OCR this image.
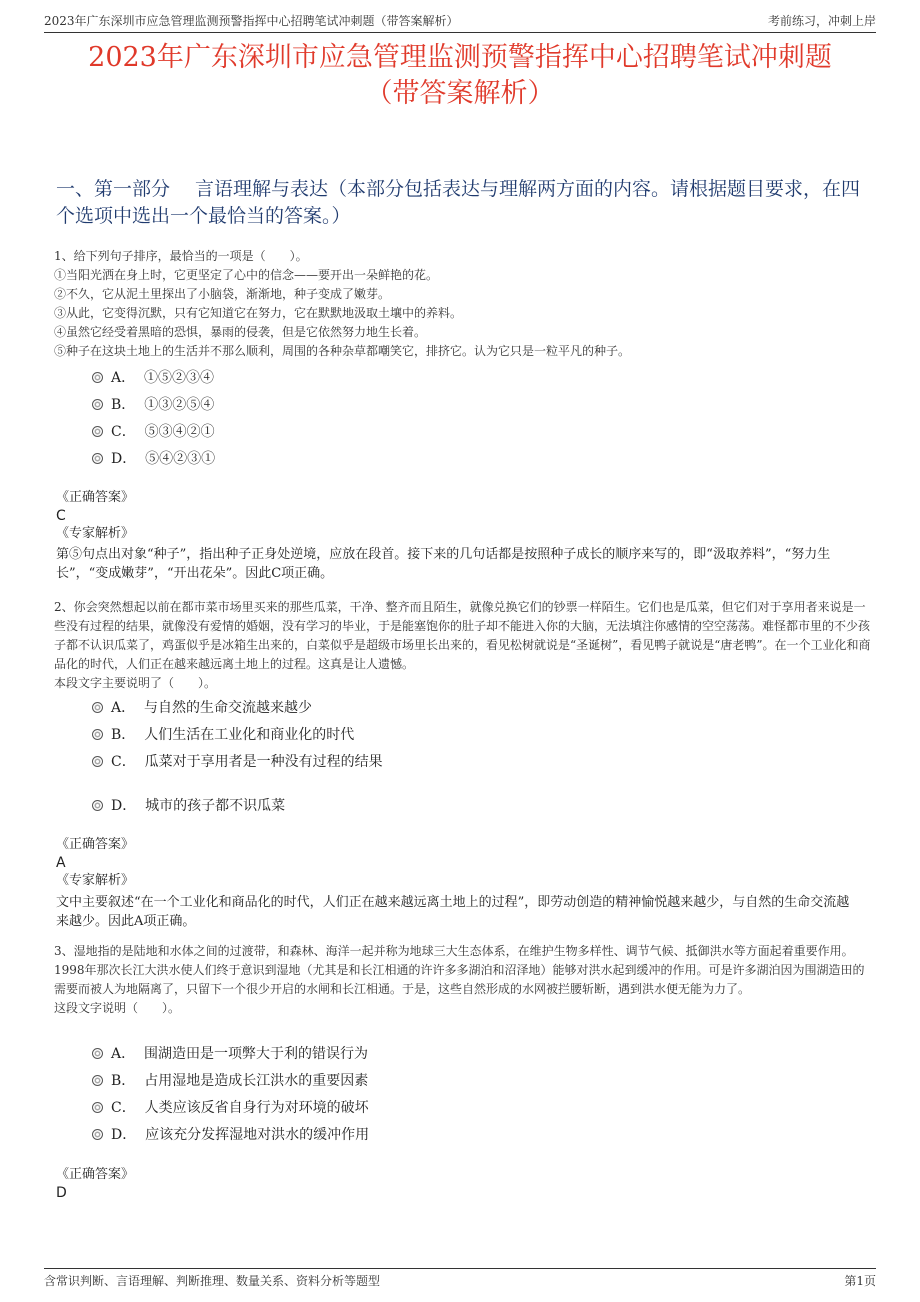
2023年广东深圳市应急管理监测预警指挥中心招聘笔试冲刺题（带答案解析）	考前练习，冲刺上岸
2023年广东深圳市应急管理监测预警指挥中心招聘笔试冲刺题
（带答案解析）
一、第一部分　 言语理解与表达（本部分包括表达与理解两方面的内容。请根据题目要求，在四个选项中选出一个最恰当的答案。）

1、给下列句子排序，最恰当的一项是（　　）。

①当阳光洒在身上时，它更坚定了心中的信念——要开出一朵鲜艳的花。

②不久，它从泥土里探出了小脑袋，渐渐地，种子变成了嫩芽。

③从此，它变得沉默，只有它知道它在努力，它在默默地汲取土壤中的养料。

④虽然它经受着黑暗的恐惧，暴雨的侵袭，但是它依然努力地生长着。

⑤种子在这块土地上的生活并不那么顺利，周围的各种杂草都嘲笑它，排挤它。认为它只是一粒平凡的种子。

A． ①⑤②③④
B． ①③②⑤④
C． ⑤③④②①
D． ⑤④②③①
《正确答案》
C
《专家解析》
第⑤句点出对象“种子”，指出种子正身处逆境，应放在段首。接下来的几句话都是按照种子成长的顺序来写的，即“汲取养料”，“努力生长”，“变成嫩芽”，“开出花朵”。因此C项正确。

2、你会突然想起以前在都市菜市场里买来的那些瓜菜，干净、整齐而且陌生，就像兑换它们的钞票一样陌生。它们也是瓜菜，但它们对于享用者来说是一些没有过程的结果，就像没有爱情的婚姻，没有学习的毕业，于是能塞饱你的肚子却不能进入你的大脑，无法填注你感情的空空荡荡。难怪都市里的不少孩子都不认识瓜菜了，鸡蛋似乎是冰箱生出来的，白菜似乎是超级市场里长出来的，看见松树就说是“圣诞树”，看见鸭子就说是“唐老鸭”。在一个工业化和商品化的时代，人们正在越来越远离土地上的过程。这真是让人遗憾。

本段文字主要说明了（　　）。

A． 与自然的生命交流越来越少
B． 人们生活在工业化和商业化的时代
C． 瓜菜对于享用者是一种没有过程的结果
D． 城市的孩子都不识瓜菜
《正确答案》
A
《专家解析》
文中主要叙述“在一个工业化和商品化的时代，人们正在越来越远离土地上的过程”，即劳动创造的精神愉悦越来越少，与自然的生命交流越来越少。因此A项正确。

3、湿地指的是陆地和水体之间的过渡带，和森林、海洋一起并称为地球三大生态体系，在维护生物多样性、调节气候、抵御洪水等方面起着重要作用。1998年那次长江大洪水使人们终于意识到湿地（尤其是和长江相通的许许多多湖泊和沼泽地）能够对洪水起到缓冲的作用。可是许多湖泊因为围湖造田的需要而被人为地隔离了，只留下一个很少开启的水闸和长江相通。于是，这些自然形成的水网被拦腰斩断，遇到洪水便无能为力了。

这段文字说明（　　）。

A． 围湖造田是一项弊大于利的错误行为
B． 占用湿地是造成长江洪水的重要因素
C． 人类应该反省自身行为对环境的破坏
D． 应该充分发挥湿地对洪水的缓冲作用
《正确答案》
D
含常识判断、言语理解、判断推理、数量关系、资料分析等题型	第1页
